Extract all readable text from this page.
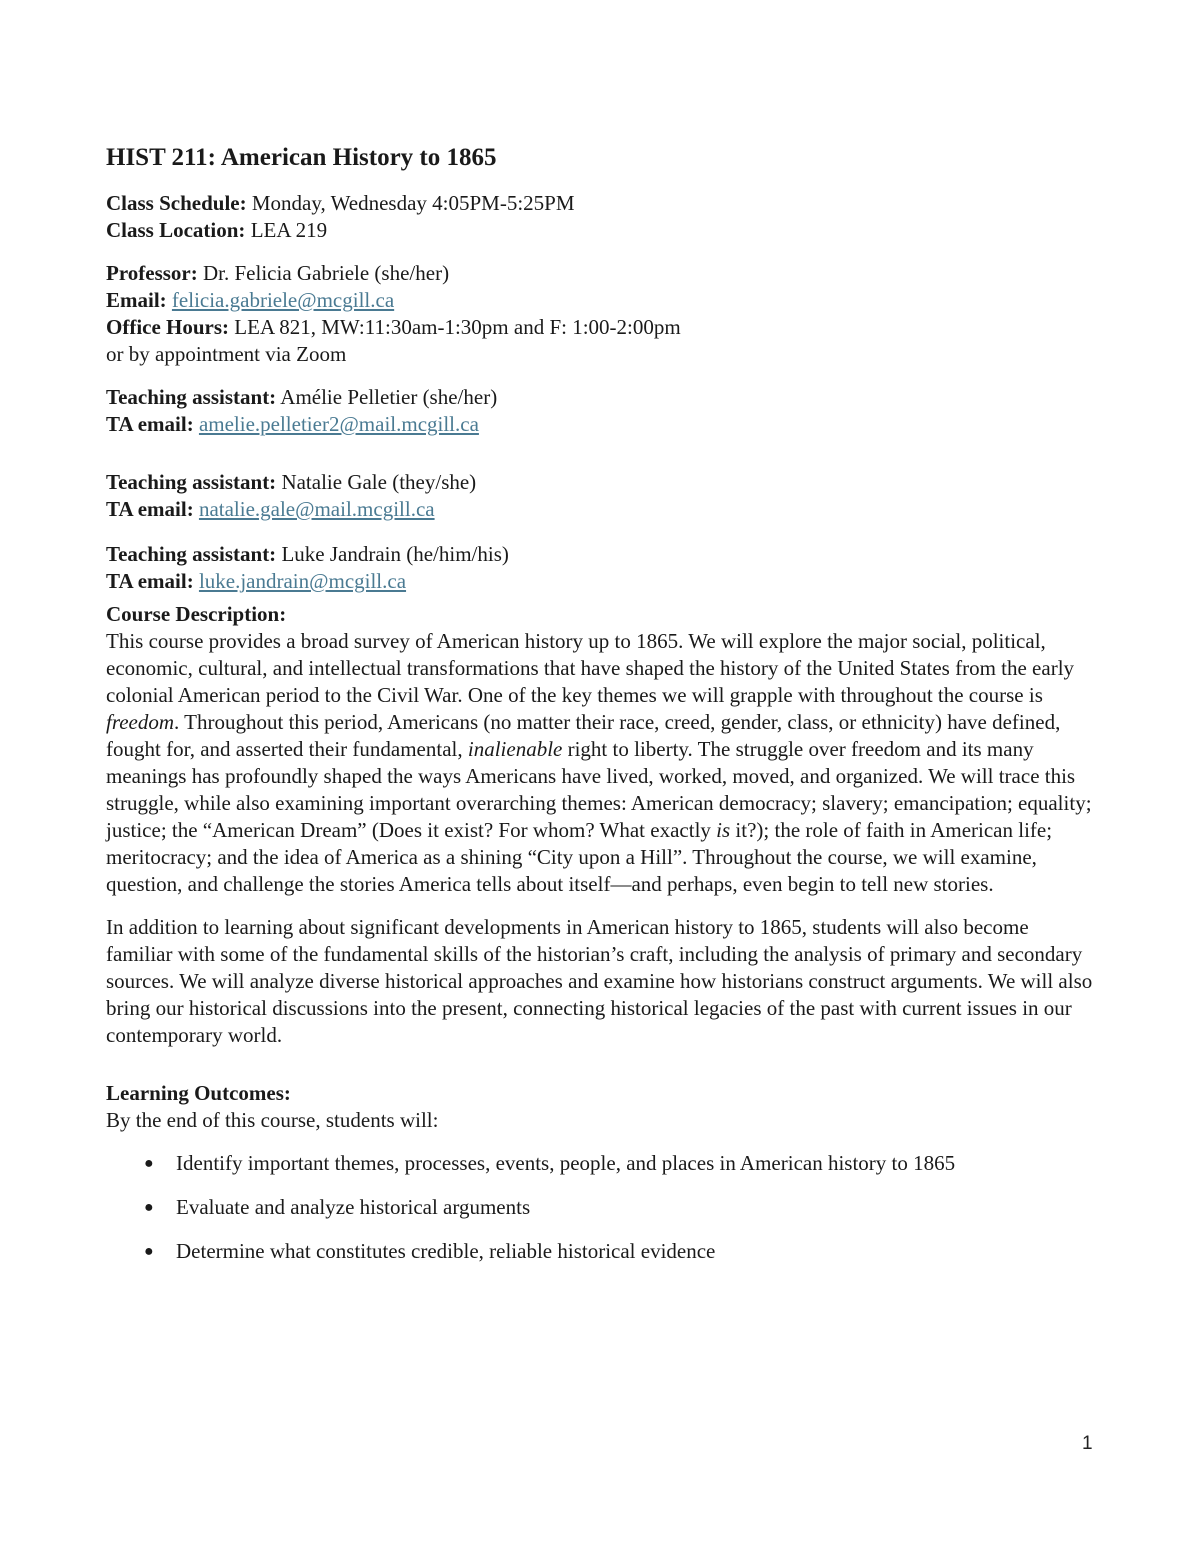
HIST 211: American History to 1865

Class Schedule: Monday, Wednesday 4:05PM-5:25PM

Class Location: LEA 219

Professor: Dr. Felicia Gabriele (she/her)

Email: felicia.gabriele@mcgill.ca

Office Hours: LEA 821, MW:11:30am-1:30pm and F: 1:00-2:00pm

or by appointment via Zoom

Teaching assistant: Amélie Pelletier (she/her)

TA email: amelie.pelletier2@mail.mcgill.ca

Teaching assistant: Natalie Gale (they/she)

TA email: natalie.gale@mail.mcgill.ca

Teaching assistant: Luke Jandrain (he/him/his)

TA email: luke.jandrain@mcgill.ca

Course Description:

This course provides a broad survey of American history up to 1865. We will explore the major social, political, economic, cultural, and intellectual transformations that have shaped the history of the United States from the early colonial American period to the Civil War. One of the key themes we will grapple with throughout the course is freedom. Throughout this period, Americans (no matter their race, creed, gender, class, or ethnicity) have defined, fought for, and asserted their fundamental, inalienable right to liberty. The struggle over freedom and its many meanings has profoundly shaped the ways Americans have lived, worked, moved, and organized. We will trace this struggle, while also examining important overarching themes: American democracy; slavery; emancipation; equality; justice; the “American Dream” (Does it exist? For whom? What exactly is it?); the role of faith in American life; meritocracy; and the idea of America as a shining “City upon a Hill”. Throughout the course, we will examine, question, and challenge the stories America tells about itself—and perhaps, even begin to tell new stories.

In addition to learning about significant developments in American history to 1865, students will also become familiar with some of the fundamental skills of the historian’s craft, including the analysis of primary and secondary sources. We will analyze diverse historical approaches and examine how historians construct arguments. We will also bring our historical discussions into the present, connecting historical legacies of the past with current issues in our contemporary world.

Learning Outcomes:

By the end of this course, students will:

● Identify important themes, processes, events, people, and places in American history to 1865
● Evaluate and analyze historical arguments
● Determine what constitutes credible, reliable historical evidence
1
